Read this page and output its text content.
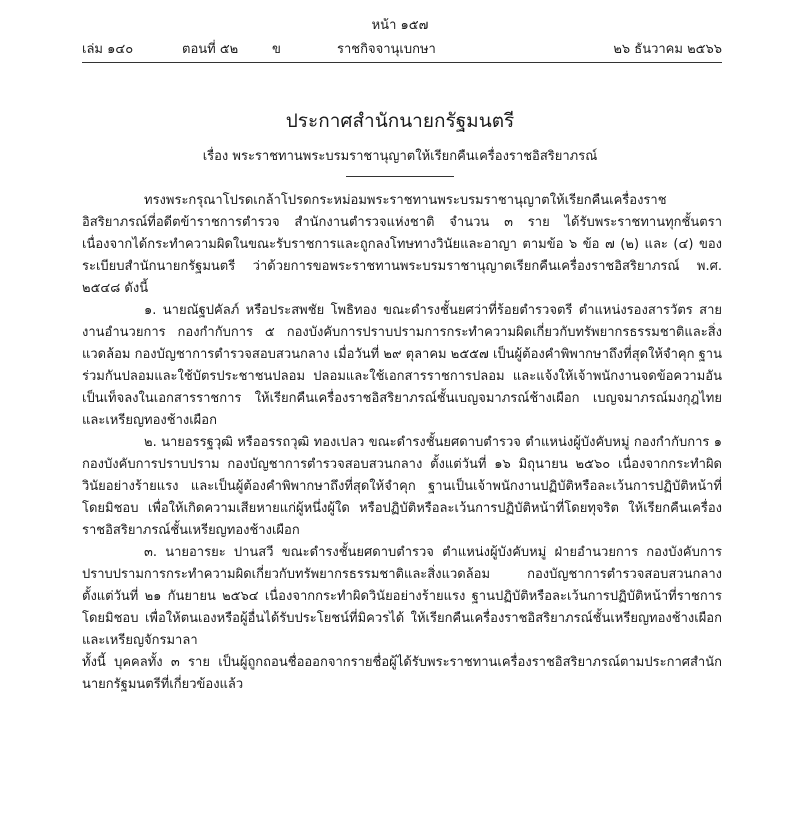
หน้า ๑๕๗
เล่ม ๑๔๐	ตอนที่ ๕๒	ข	ราชกิจจานุเบกษา	๒๖ ธันวาคม ๒๕๖๖
ประกาศสำนักนายกรัฐมนตรี
เรื่อง พระราชทานพระบรมราชานุญาตให้เรียกคืนเครื่องราชอิสริยาภรณ์

ทรงพระกรุณาโปรดเกล้าโปรดกระหม่อมพระราชทานพระบรมราชานุญาตให้เรียกคืนเครื่องราชอิสริยาภรณ์ที่อดีตข้าราชการตำรวจ สำนักงานตำรวจแห่งชาติ จำนวน ๓ ราย ได้รับพระราชทานทุกชั้นตรา เนื่องจากได้กระทำความผิดในขณะรับราชการและถูกลงโทษทางวินัยและอาญา ตามข้อ ๖ ข้อ ๗ (๒) และ (๔) ของระเบียบสำนักนายกรัฐมนตรี ว่าด้วยการขอพระราชทานพระบรมราชานุญาตเรียกคืนเครื่องราชอิสริยาภรณ์ พ.ศ. ๒๕๔๘ ดังนี้

๑. นายณัฐปคัลภ์ หรือประสพชัย โพธิทอง ขณะดำรงชั้นยศว่าที่ร้อยตำรวจตรี ตำแหน่งรองสารวัตร สายงานอำนวยการ กองกำกับการ ๕ กองบังคับการปราบปรามการกระทำความผิดเกี่ยวกับทรัพยากรธรรมชาติและสิ่งแวดล้อม กองบัญชาการตำรวจสอบสวนกลาง เมื่อวันที่ ๒๙ ตุลาคม ๒๕๕๗ เป็นผู้ต้องคำพิพากษาถึงที่สุดให้จำคุก ฐานร่วมกันปลอมและใช้บัตรประชาชนปลอม ปลอมและใช้เอกสารราชการปลอม และแจ้งให้เจ้าพนักงานจดข้อความอันเป็นเท็จลงในเอกสารราชการ ให้เรียกคืนเครื่องราชอิสริยาภรณ์ชั้นเบญจมาภรณ์ช้างเผือก เบญจมาภรณ์มงกุฎไทย และเหรียญทองช้างเผือก

๒. นายอรรฐวุฒิ หรืออรรถวุฒิ ทองเปลว ขณะดำรงชั้นยศดาบตำรวจ ตำแหน่งผู้บังคับหมู่ กองกำกับการ ๑ กองบังคับการปราบปราม กองบัญชาการตำรวจสอบสวนกลาง ตั้งแต่วันที่ ๑๖ มิถุนายน ๒๕๖๐ เนื่องจากกระทำผิดวินัยอย่างร้ายแรง และเป็นผู้ต้องคำพิพากษาถึงที่สุดให้จำคุก ฐานเป็นเจ้าพนักงานปฏิบัติหรือละเว้นการปฏิบัติหน้าที่โดยมิชอบ เพื่อให้เกิดความเสียหายแก่ผู้หนึ่งผู้ใด หรือปฏิบัติหรือละเว้นการปฏิบัติหน้าที่โดยทุจริต ให้เรียกคืนเครื่องราชอิสริยาภรณ์ชั้นเหรียญทองช้างเผือก

๓. นายอารยะ ปานสวี ขณะดำรงชั้นยศดาบตำรวจ ตำแหน่งผู้บังคับหมู่ ฝ่ายอำนวยการ กองบังคับการปราบปรามการกระทำความผิดเกี่ยวกับทรัพยากรธรรมชาติและสิ่งแวดล้อม กองบัญชาการตำรวจสอบสวนกลาง ตั้งแต่วันที่ ๒๑ กันยายน ๒๕๖๔ เนื่องจากกระทำผิดวินัยอย่างร้ายแรง ฐานปฏิบัติหรือละเว้นการปฏิบัติหน้าที่ราชการโดยมิชอบ เพื่อให้ตนเองหรือผู้อื่นได้รับประโยชน์ที่มิควรได้ ให้เรียกคืนเครื่องราชอิสริยาภรณ์ชั้นเหรียญทองช้างเผือก และเหรียญจักรมาลา

ทั้งนี้ บุคคลทั้ง ๓ ราย เป็นผู้ถูกถอนชื่อออกจากรายชื่อผู้ได้รับพระราชทานเครื่องราชอิสริยาภรณ์ตามประกาศสำนักนายกรัฐมนตรีที่เกี่ยวข้องแล้ว
